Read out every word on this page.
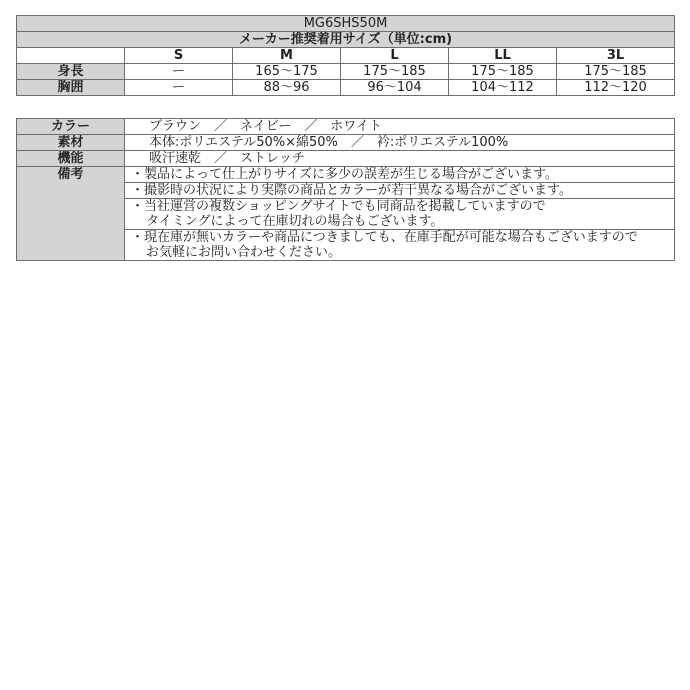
MG6SHS50M					
メーカー推奨着用サイズ（単位:cm)					
	S	M	L	LL	3L
身長	ー	165～175	175～185	175～185	175～185
胸囲	ー	88～96	96～104	104～112	112～120
カラー	ブラウン　／　ネイビー　／　ホワイト
素材	本体:ポリエステル50%×綿50%　／　衿:ポリエステル100%
機能	吸汗速乾　／　ストレッチ
備考	・製品によって仕上がりサイズに多少の誤差が生じる場合がございます。

	・撮影時の状況により実際の商品とカラーが若干異なる場合がございます。

	・当社運営の複数ショッピングサイトでも同商品を掲載していますので
タイミングによって在庫切れの場合もございます。

	・現在庫が無いカラーや商品につきましても、在庫手配が可能な場合もございますので
お気軽にお問い合わせください。
